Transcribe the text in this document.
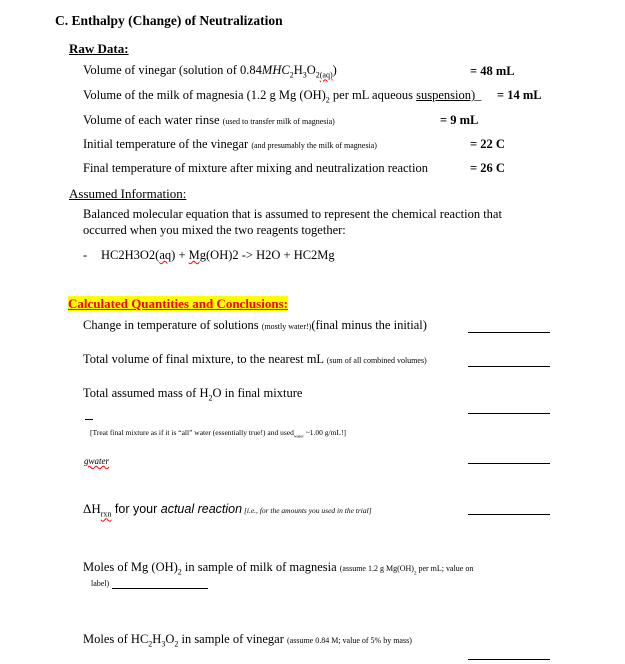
C. Enthalpy (Change) of Neutralization
Raw Data:
Volume of vinegar (solution of $0.84MHC_2H_3O_{2(aq)}$)	= 48 mL
Volume of the milk of magnesia (1.2 g Mg $(OH)_2$ per mL aqueous suspension)_ = 14 mL
Volume of each water rinse (used to transfer milk of magnesia)	= 9 mL
Initial temperature of the vinegar (and presumably the milk of magnesia)	= 22 C
Final temperature of mixture after mixing and neutralization reaction	= 26 C
Assumed Information:
Balanced molecular equation that is assumed to represent the chemical reaction that
occurred when you mixed the two reagents together:
- HC2H3O2(aq) + Mg(OH)2 -> H2O + HC2Mg
Calculated Quantities and Conclusions:
Change in temperature of solutions (mostly water!)(final minus the initial)
Total volume of final mixture, to the nearest mL (sum of all combined volumes)
Total assumed mass of $H_2O$ in final mixture
[Treat final mixture as if it is “all” water (essentially true!) and used$_{water}$ ~1.00 g/mL!]
gwater
$\Delta H_{rxn}$ for your actual reaction [i.e., for the amounts you used in the trial]
Moles of Mg $(OH)_2$ in sample of milk of magnesia (assume 1.2 g $Mg(OH)_2$ per mL; value on
label)
Moles of $HC_2H_3O_2$ in sample of vinegar (assume 0.84 M; value of 5% by mass)
